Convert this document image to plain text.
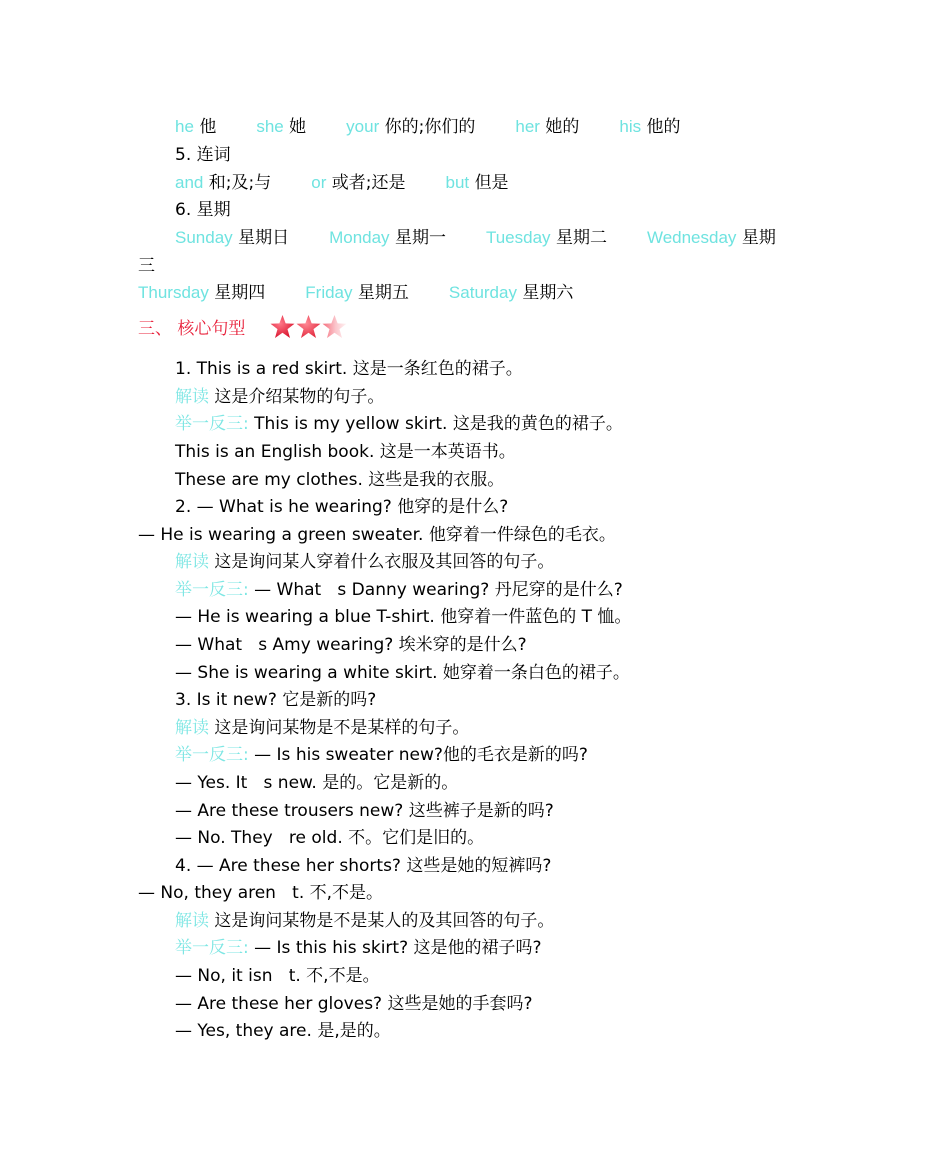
he 他 she 她 your 你的;你们的 her 她的 his 他的
5. 连词
and 和;及;与 or 或者;还是 but 但是
6. 星期
Sunday 星期日 Monday 星期一 Tuesday 星期二 Wednesday 星期
三
Thursday 星期四 Friday 星期五 Saturday 星期六
三、 核心句型
1. This is a red skirt. 这是一条红色的裙子。
解读 这是介绍某物的句子。
举一反三: This is my yellow skirt. 这是我的黄色的裙子。
This is an English book. 这是一本英语书。
These are my clothes. 这些是我的衣服。
2. — What is he wearing? 他穿的是什么?
— He is wearing a green sweater. 他穿着一件绿色的毛衣。
解读 这是询问某人穿着什么衣服及其回答的句子。
举一反三: — What   s Danny wearing? 丹尼穿的是什么?
— He is wearing a blue T-shirt. 他穿着一件蓝色的 T 恤。
— What   s Amy wearing? 埃米穿的是什么?
— She is wearing a white skirt. 她穿着一条白色的裙子。
3. Is it new? 它是新的吗?
解读 这是询问某物是不是某样的句子。
举一反三: — Is his sweater new?他的毛衣是新的吗?
— Yes. It   s new. 是的。它是新的。
— Are these trousers new? 这些裤子是新的吗?
— No. They   re old. 不。它们是旧的。
4. — Are these her shorts? 这些是她的短裤吗?
— No, they aren   t. 不,不是。
解读 这是询问某物是不是某人的及其回答的句子。
举一反三: — Is this his skirt? 这是他的裙子吗?
— No, it isn   t. 不,不是。
— Are these her gloves? 这些是她的手套吗?
— Yes, they are. 是,是的。
